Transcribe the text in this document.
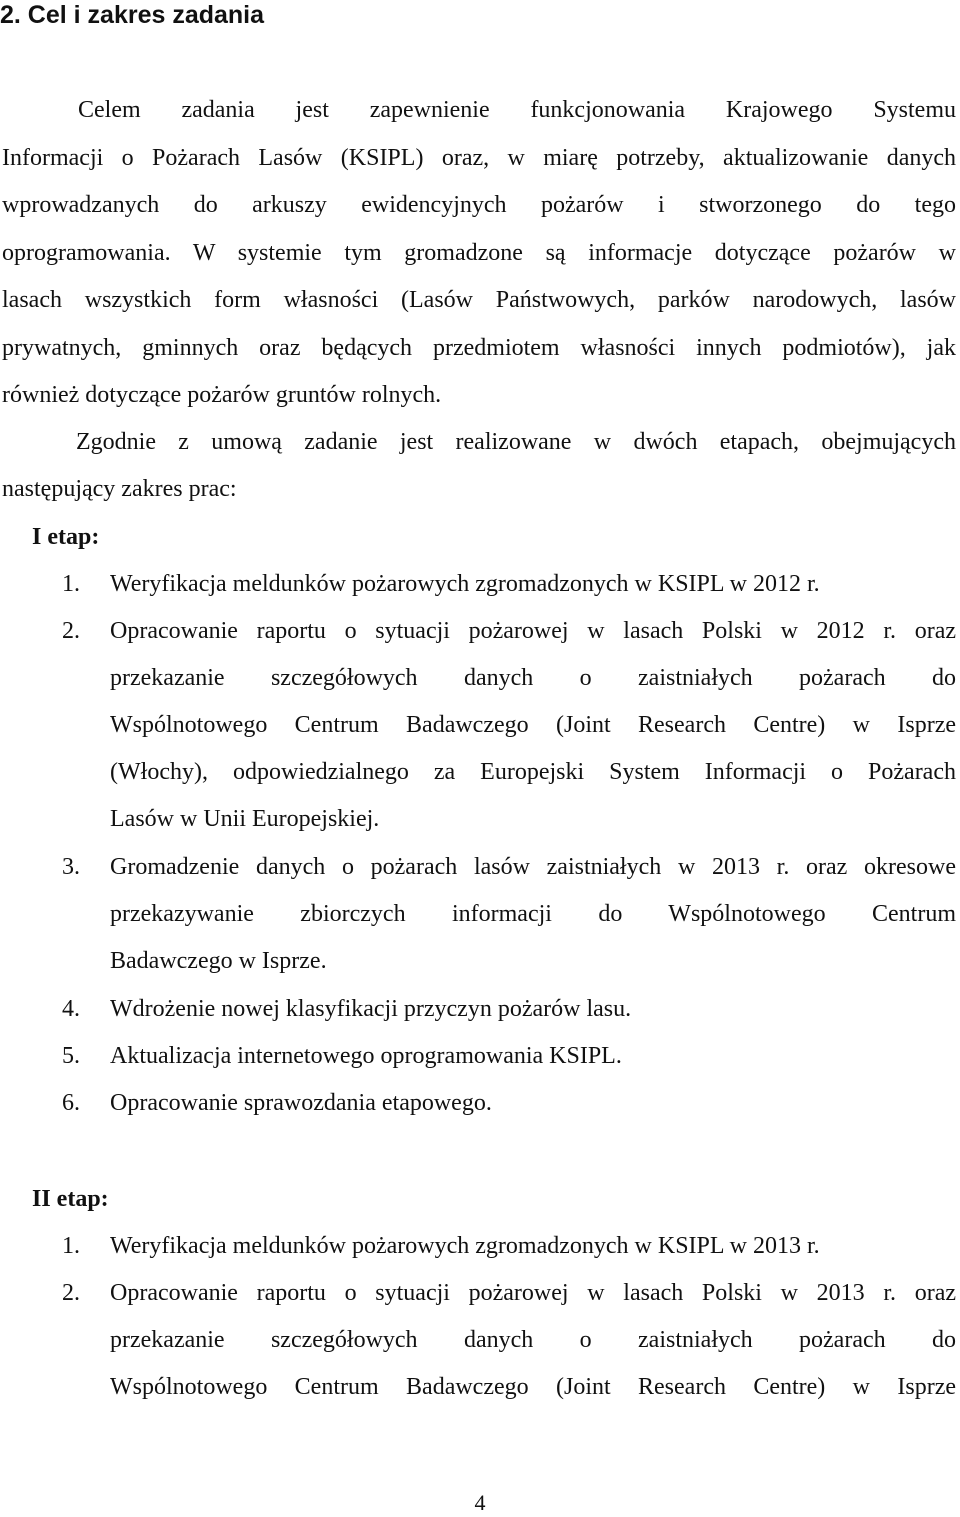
2. Cel i zakres zadania
Celem zadania jest zapewnienie funkcjonowania Krajowego Systemu
Informacji o Pożarach Lasów (KSIPL) oraz, w miarę potrzeby, aktualizowanie danych
wprowadzanych do arkuszy ewidencyjnych pożarów i stworzonego do tego
oprogramowania. W systemie tym gromadzone są informacje dotyczące pożarów w
lasach wszystkich form własności (Lasów Państwowych, parków narodowych, lasów
prywatnych, gminnych oraz będących przedmiotem własności innych podmiotów), jak
również dotyczące pożarów gruntów rolnych.
Zgodnie z umową zadanie jest realizowane w dwóch etapach, obejmujących
następujący zakres prac:
I etap:
1. Weryfikacja meldunków pożarowych zgromadzonych w KSIPL w 2012 r.
2. Opracowanie raportu o sytuacji pożarowej w lasach Polski w 2012 r. oraz
przekazanie szczegółowych danych o zaistniałych pożarach do
Wspólnotowego Centrum Badawczego (Joint Research Centre) w Isprze
(Włochy), odpowiedzialnego za Europejski System Informacji o Pożarach
Lasów w Unii Europejskiej.
3. Gromadzenie danych o pożarach lasów zaistniałych w 2013 r. oraz okresowe
przekazywanie zbiorczych informacji do Wspólnotowego Centrum
Badawczego w Isprze.
4. Wdrożenie nowej klasyfikacji przyczyn pożarów lasu.
5. Aktualizacja internetowego oprogramowania KSIPL.
6. Opracowanie sprawozdania etapowego.
II etap:
1. Weryfikacja meldunków pożarowych zgromadzonych w KSIPL w 2013 r.
2. Opracowanie raportu o sytuacji pożarowej w lasach Polski w 2013 r. oraz
przekazanie szczegółowych danych o zaistniałych pożarach do
Wspólnotowego Centrum Badawczego (Joint Research Centre) w Isprze
4
